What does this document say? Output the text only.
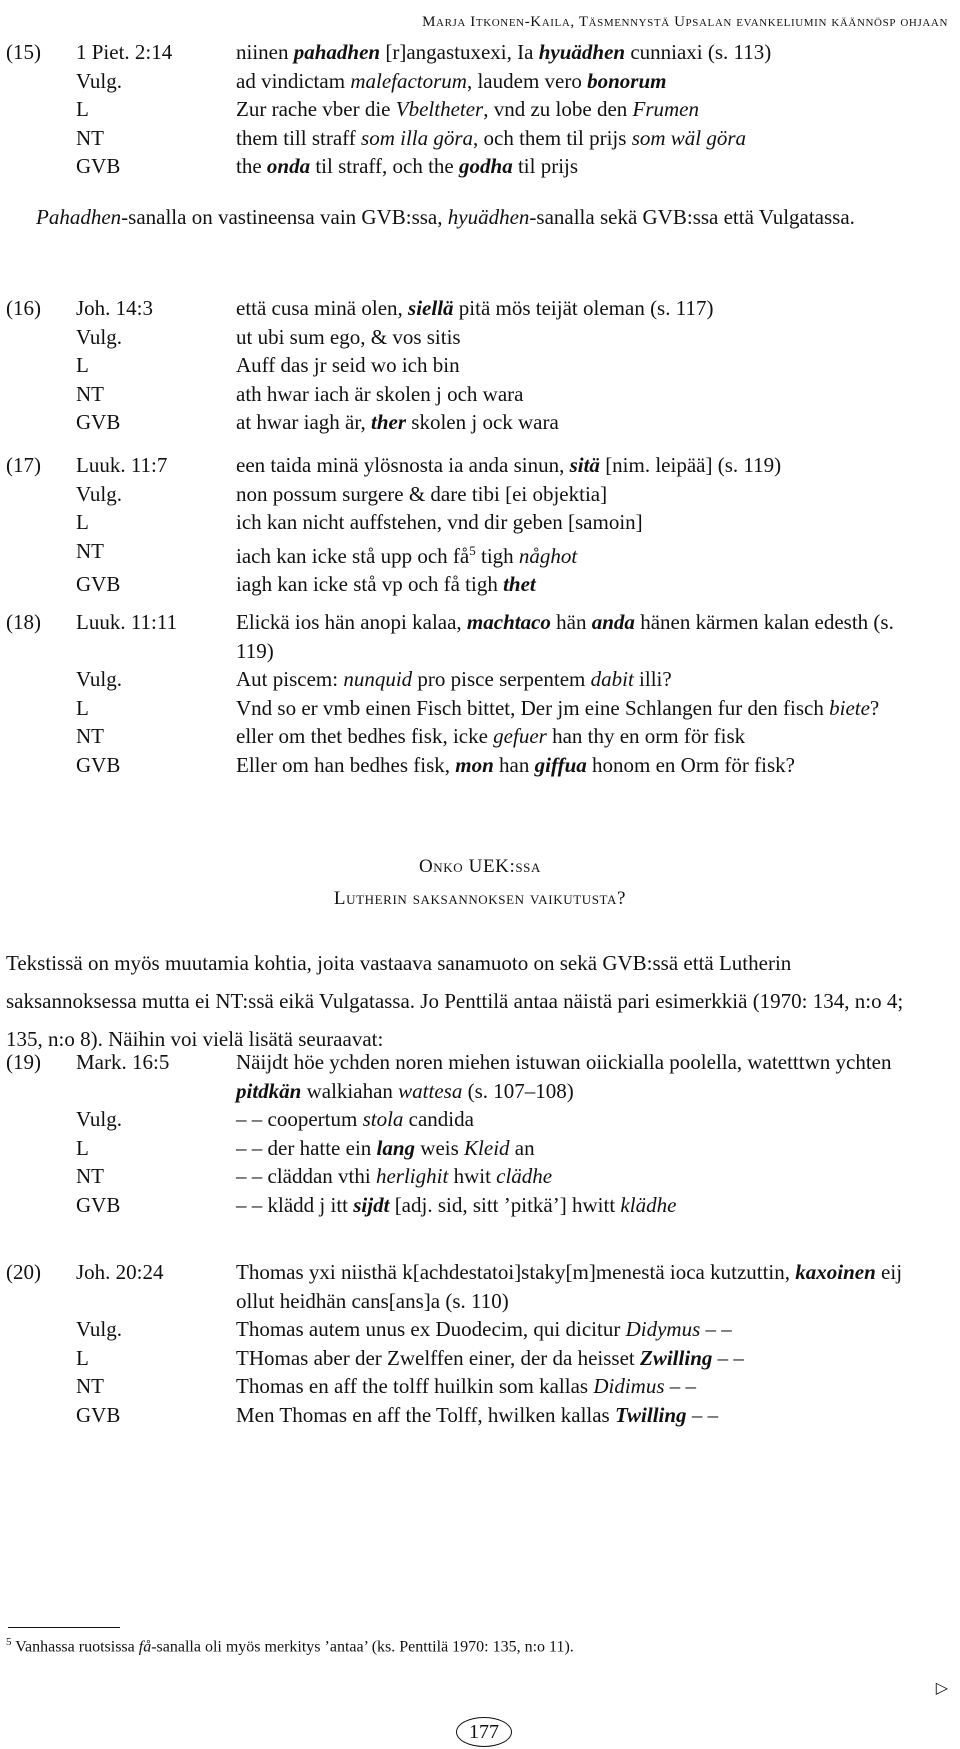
Marja Itkonen-Kaila, Täsmennystä Upsalan evankeliumin käännösp ohjaan
(15)	1 Piet. 2:14	niinen pahadhen [r]angastuxexi, Ia hyuädhen cunniaxi (s. 113)
Vulg.	ad vindictam malefactorum, laudem vero bonorum
L	Zur rache vber die Vbeltheter, vnd zu lobe den Frumen
NT	them till straff som illa göra, och them til prijs som wäl göra
GVB	the onda til straff, och the godha til prijs
Pahadhen-sanalla on vastineensa vain GVB:ssa, hyuädhen-sanalla sekä GVB:ssa että Vulgatassa.
(16)	Joh. 14:3	että cusa minä olen, siellä pitä mös teijät oleman (s. 117)
Vulg.	ut ubi sum ego, & vos sitis
L	Auff das jr seid wo ich bin
NT	ath hwar iach är skolen j och wara
GVB	at hwar iagh är, ther skolen j ock wara
(17)	Luuk. 11:7	een taida minä ylösnosta ia anda sinun, sitä [nim. leipää] (s. 119)
Vulg.	non possum surgere & dare tibi [ei objektia]
L	ich kan nicht auffstehen, vnd dir geben [samoin]
NT	iach kan icke stå upp och $få^5$ tigh någhot
GVB	iagh kan icke stå vp och få tigh thet
(18)	Luuk. 11:11	Elickä ios hän anopi kalaa, machtaco hän anda hänen kärmen kalan edesth (s. 119)
Vulg.	Aut piscem: nunquid pro pisce serpentem dabit illi?
L	Vnd so er vmb einen Fisch bittet, Der jm eine Schlangen fur den fisch biete?
NT	eller om thet bedhes fisk, icke gefuer han thy en orm för fisk
GVB	Eller om han bedhes fisk, mon han giffua honom en Orm för fisk?
Onko UEK:ssa
Lutherin saksannoksen vaikutusta?
Tekstissä on myös muutamia kohtia, joita vastaava sanamuoto on sekä GVB:ssä että Lutherin saksannoksessa mutta ei NT:ssä eikä Vulgatassa. Jo Penttilä antaa näistä pari esimerkkiä (1970: 134, n:o 4; 135, n:o 8). Näihin voi vielä lisätä seuraavat:
(19)	Mark. 16:5	Näijdt höe ychden noren miehen istuwan oiickialla poolella, watetttwn ychten pitdkän walkiahan wattesa (s. 107–108)
Vulg.	– – coopertum stola candida
L	– – der hatte ein lang weis Kleid an
NT	– – cläddan vthi herlighit hwit clädhe
GVB	– – klädd j itt sijdt [adj. sid, sitt ’pitkä’] hwitt klädhe
(20)	Joh. 20:24	Thomas yxi niisthä k[achdestatoi]staky[m]menestä ioca kutzuttin, kaxoinen eij ollut heidhän cans[ans]a (s. 110)
Vulg.	Thomas autem unus ex Duodecim, qui dicitur Didymus – –
L	THomas aber der Zwelffen einer, der da heisset Zwilling – –
NT	Thomas en aff the tolff huilkin som kallas Didimus – –
GVB	Men Thomas en aff the Tolff, hwilken kallas Twilling – –
$^5$ Vanhassa ruotsissa få-sanalla oli myös merkitys ’antaa’ (ks. Penttilä 1970: 135, n:o 11).
▷
177
